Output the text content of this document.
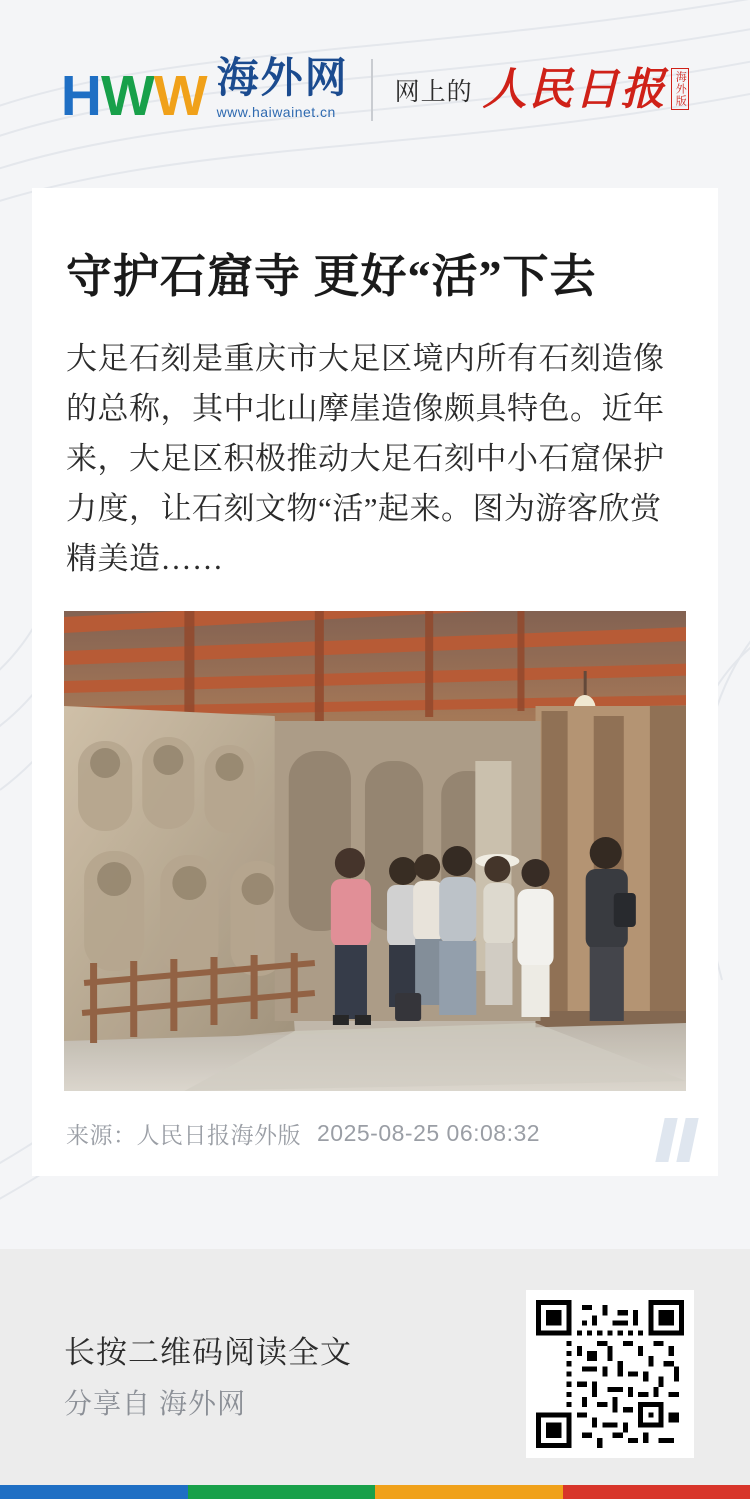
H W W 海外网
www.haiwainet.cn
网上的 人民日报 海外版
守护石窟寺 更好“活”下去

大足石刻是重庆市大足区境内所有石刻造像的总称，其中北山摩崖造像颇具特色。近年来，大足区积极推动大足石刻中小石窟保护力度，让石刻文物“活”起来。图为游客欣赏精美造……

来源：人民日报海外版 2025-08-25 06:08:32
长按二维码阅读全文
分享自 海外网
